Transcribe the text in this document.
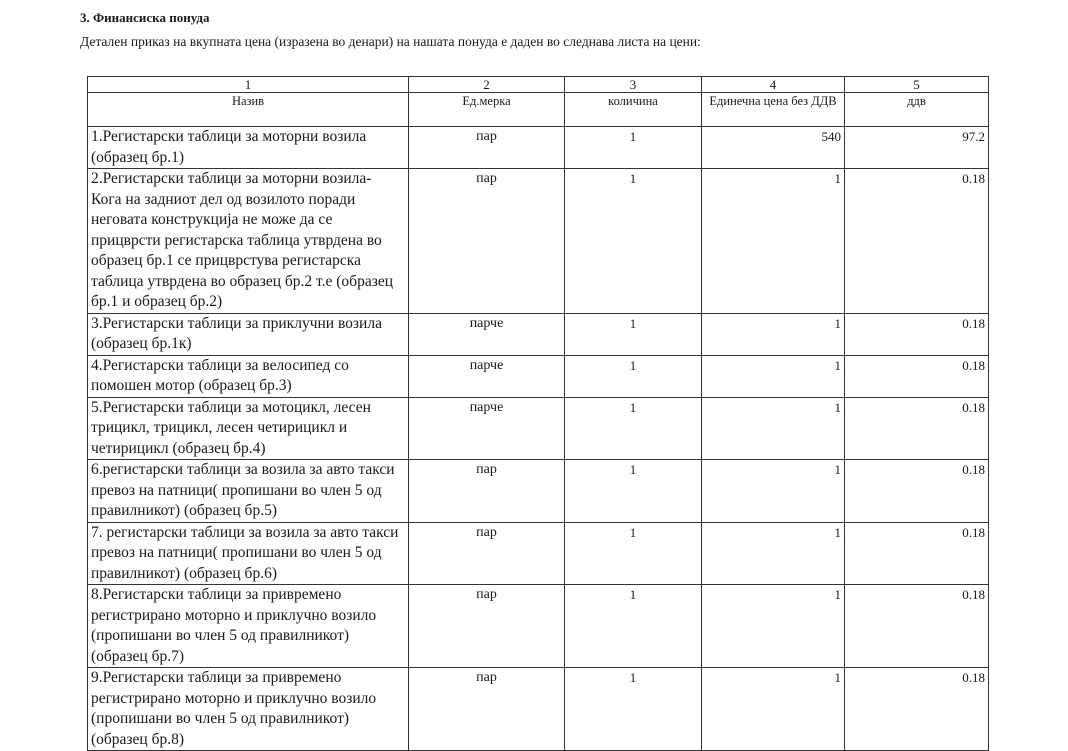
3. Финансиска понуда
Детален приказ на вкупната цена (изразена во денари) на нашата понуда е даден во следнава листа на цени:
1	2	3	4	5
Назив	Ед.мерка	количина	Единечна цена без ДДВ	ддв
1.Регистарски таблици за моторни возила (образец бр.1)	пар	1	540	97.2
2.Регистарски таблици за моторни возила- Кога на задниот дел од возилото поради неговата конструкција не може да се прицврсти регистарска таблица утврдена во образец бр.1 се прицврстува регистарска таблица утврдена во образец бр.2 т.е (образец бр.1 и образец бр.2)	пар	1	1	0.18
3.Регистарски таблици за приклучни возила (образец бр.1к)	парче	1	1	0.18
4.Регистарски таблици за велосипед со помошен мотор (образец бр.3)	парче	1	1	0.18
5.Регистарски таблици за мотоцикл, лесен трицикл, трицикл, лесен четирицикл и четирицикл (образец бр.4)	парче	1	1	0.18
6.регистарски таблици за возила за авто такси превоз на патници( пропишани во член 5 од правилникот) (образец бр.5)	пар	1	1	0.18
7. регистарски таблици за возила за авто такси превоз на патници( пропишани во член 5 од правилникот) (образец бр.6)	пар	1	1	0.18
8.Регистарски таблици за привремено регистрирано моторно и приклучно возило (пропишани во член 5 од правилникот) (образец бр.7)	пар	1	1	0.18
9.Регистарски таблици за привремено регистрирано моторно и приклучно возило (пропишани во член 5 од правилникот) (образец бр.8)	пар	1	1	0.18
